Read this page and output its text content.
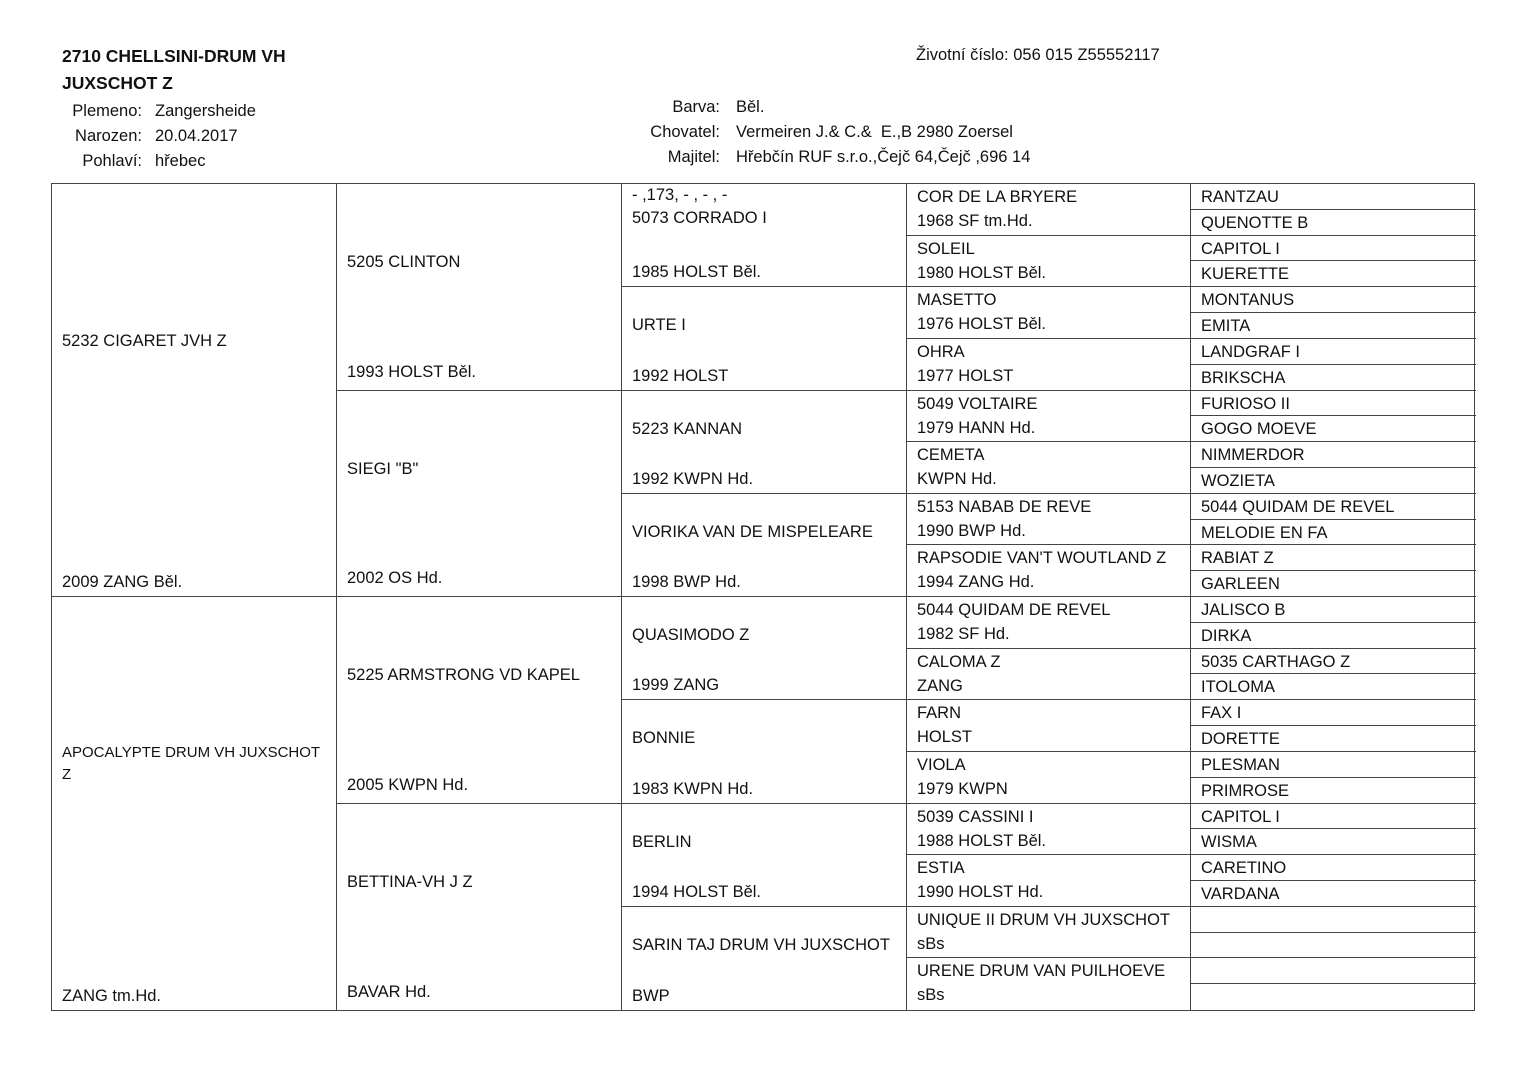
2710 CHELLSINI-DRUM VH JUXSCHOT Z
Životní číslo: 056 015 Z55552117
Plemeno: Zangersheide
Narozen: 20.04.2017
Pohlaví: hřebec
Barva: Běl.
Chovatel: Vermeiren J.& C.&  E.,B 2980 Zoersel
Majitel: Hřebčín RUF s.r.o.,Čejč 64,Čejč ,696 14
5232 CIGARET JVH Z
2009 ZANG Běl.
APOCALYPTE DRUM VH JUXSCHOT Z
ZANG tm.Hd.
5205 CLINTON
1993 HOLST Běl.
SIEGI "B"
2002 OS Hd.
5225 ARMSTRONG VD KAPEL
2005 KWPN Hd.
BETTINA-VH J Z
BAVAR Hd.
- ,173, - , - , -
5073 CORRADO I
1985 HOLST Běl.
URTE I
1992 HOLST
5223 KANNAN
1992 KWPN Hd.
VIORIKA VAN DE MISPELEARE
1998 BWP Hd.
QUASIMODO Z
1999 ZANG
BONNIE
1983 KWPN Hd.
BERLIN
1994 HOLST Běl.
SARIN TAJ DRUM VH JUXSCHOT
BWP
COR DE LA BRYERE
1968 SF tm.Hd.
SOLEIL
1980 HOLST Běl.
MASETTO
1976 HOLST Běl.
OHRA
1977 HOLST
5049 VOLTAIRE
1979 HANN Hd.
CEMETA
KWPN Hd.
5153 NABAB DE REVE
1990 BWP Hd.
RAPSODIE VAN'T WOUTLAND Z
1994 ZANG Hd.
5044 QUIDAM DE REVEL
1982 SF Hd.
CALOMA Z
ZANG
FARN
HOLST
VIOLA
1979 KWPN
5039 CASSINI I
1988 HOLST Běl.
ESTIA
1990 HOLST Hd.
UNIQUE II DRUM VH JUXSCHOT
sBs
URENE DRUM VAN PUILHOEVE
sBs
RANTZAU
QUENOTTE B
CAPITOL I
KUERETTE
MONTANUS
EMITA
LANDGRAF I
BRIKSCHA
FURIOSO II
GOGO MOEVE
NIMMERDOR
WOZIETA
5044 QUIDAM DE REVEL
MELODIE EN FA
RABIAT Z
GARLEEN
JALISCO B
DIRKA
5035 CARTHAGO Z
ITOLOMA
FAX I
DORETTE
PLESMAN
PRIMROSE
CAPITOL I
WISMA
CARETINO
VARDANA
